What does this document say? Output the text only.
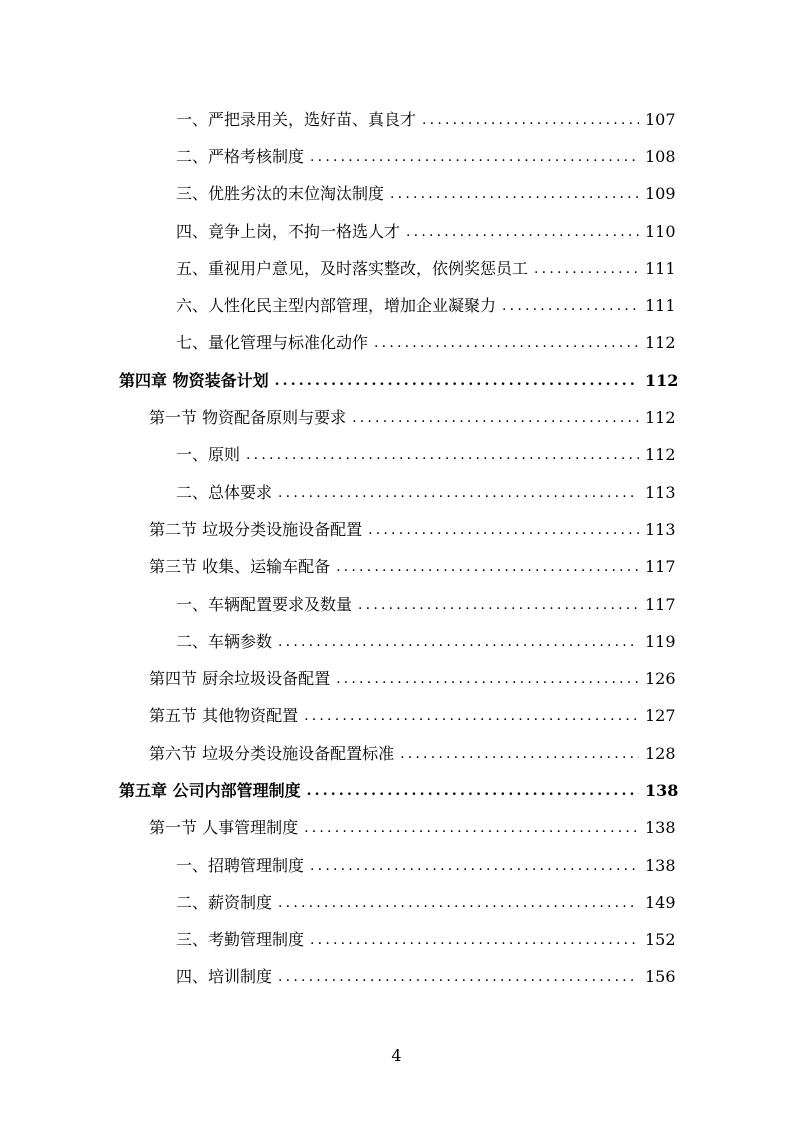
一、严把录用关，选好苗、真良才 .....	107
二、严格考核制度 .....	108
三、优胜劣汰的末位淘汰制度 .....	109
四、竟争上岗，不拘一格选人才 .....	110
五、重视用户意见，及时落实整改，依例奖惩员工 .....	111
六、人性化民主型内部管理，增加企业凝聚力 .....	111
七、量化管理与标准化动作 .....	112
第四章 物资装备计划 .....	112
第一节 物资配备原则与要求 .....	112
一、原则 .....	112
二、总体要求 .....	113
第二节 垃圾分类设施设备配置 .....	113
第三节 收集、运输车配备 .....	117
一、车辆配置要求及数量 .....	117
二、车辆参数 .....	119
第四节 厨余垃圾设备配置 .....	126
第五节 其他物资配置 .....	127
第六节 垃圾分类设施设备配置标准 .....	128
第五章 公司内部管理制度 .....	138
第一节 人事管理制度 .....	138
一、招聘管理制度 .....	138
二、薪资制度 .....	149
三、考勤管理制度 .....	152
四、培训制度 .....	156
4
